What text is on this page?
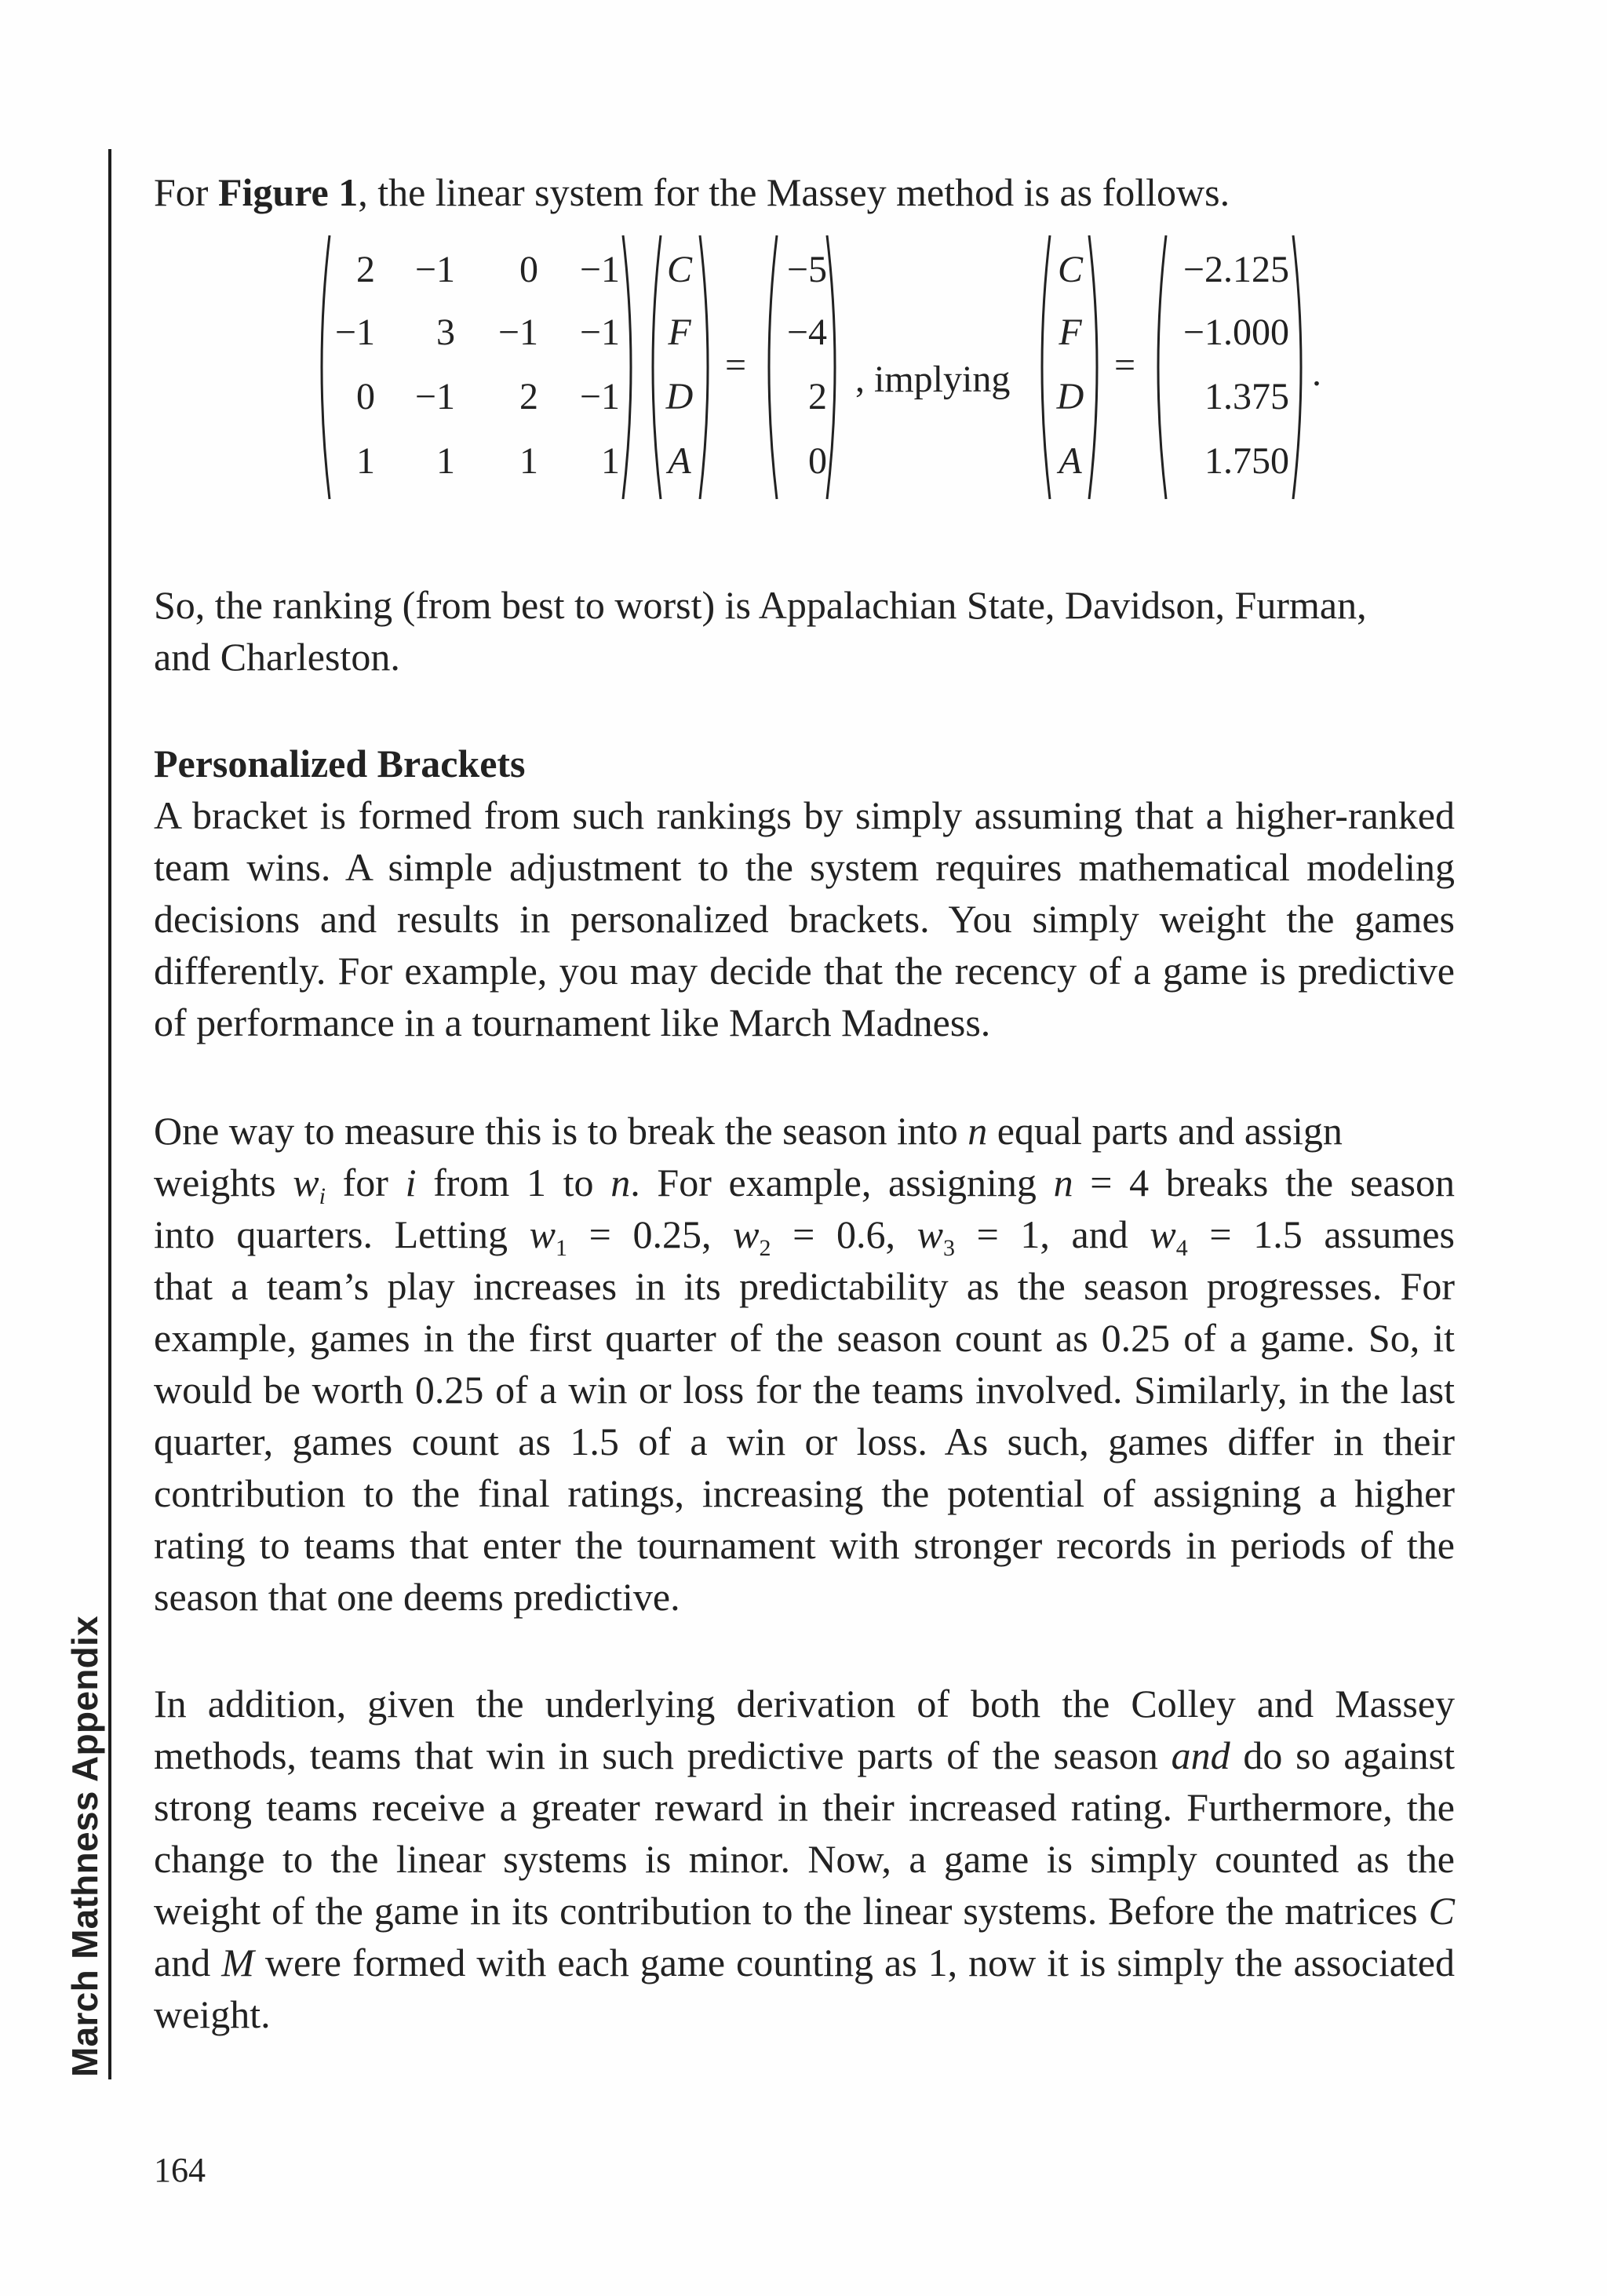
March Mathness Appendix
For Figure 1, the linear system for the Massey method is as follows.
So, the ranking (from best to worst) is Appalachian State, Davidson, Furman,
and Charleston.
Personalized Brackets
A bracket is formed from such rankings by simply assuming that a higher-ranked team wins. A simple adjustment to the system requires mathematical modeling decisions and results in personalized brackets. You simply weight the games differently. For example, you may decide that the recency of a game is predictive of performance in a tournament like March Madness.
One way to measure this is to break the season into n equal parts and assign
weights $w_i$ for i from 1 to n. For example, assigning n = 4 breaks the season
into quarters. Letting $w_1 = 0.25$, $w_2 = 0.6$, $w_3 = 1$, and $w_4 = 1.5$ assumes
that a team’s play increases in its predictability as the season progresses. For example, games in the first quarter of the season count as 0.25 of a game. So, it would be worth 0.25 of a win or loss for the teams involved. Similarly, in the last quarter, games count as 1.5 of a win or loss. As such, games differ in their contribution to the final ratings, increasing the potential of assigning a higher rating to teams that enter the tournament with stronger records in periods of the season that one deems predictive.
In addition, given the underlying derivation of both the Colley and Massey methods, teams that win in such predictive parts of the season and do so against strong teams receive a greater reward in their increased rating. Furthermore, the change to the linear systems is minor. Now, a game is simply counted as the weight of the game in its contribution to the linear systems. Before the matrices C and M were formed with each game counting as 1, now it is simply the associated weight.
2 −1 0 −1
−1 3 −1 −1
0 −1 2 −1
1 1 1 1
C
F
D
A
−5
−4
2
0
C
F
D
A
−2.125
−1.000
1.375
1.750
=	, implying	=	.
164
